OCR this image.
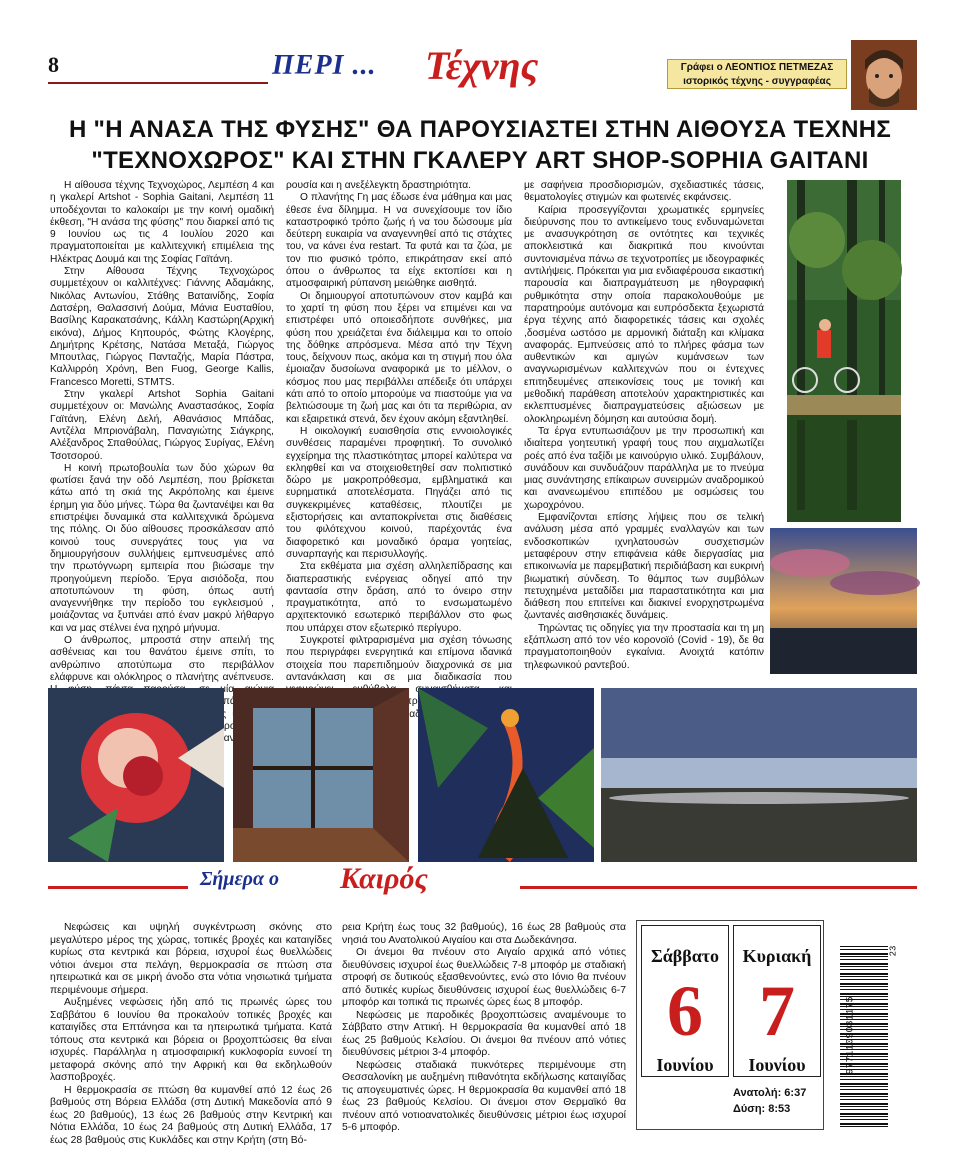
8	ΠΕΡΙ ... Τέχνης	Γράφει ο ΛΕΟΝΤΙΟΣ ΠΕΤΜΕΖΑΣ
ιστορικός τέχνης - συγγραφέας
Η "Η ΑΝΑΣΑ ΤΗΣ ΦΥΣΗΣ" ΘΑ ΠΑΡΟΥΣΙΑΣΤΕΙ ΣΤΗΝ ΑΙΘΟΥΣΑ ΤΕΧΝΗΣ
"ΤΕΧΝΟΧΩΡΟΣ" ΚΑΙ ΣΤΗΝ ΓΚΑΛΕΡΥ ART SHOP-SOPHIA GAITANI

Η αίθουσα τέχνης Τεχνοχώρος, Λεμπέση 4 και η γκαλερί Artshot - Sophia Gaitani, Λεμπέση 11 υποδέχονται το καλοκαίρι με την κοινή ομαδική έκθεση, "Η ανάσα της φύσης" που διαρκεί από τις 9 Ιουνίου ως τις 4 Ιουλίου 2020 και πραγματοποιείται με καλλιτεχνική επιμέλεια της Ηλέκτρας Δουμά και της Σοφίας Γαϊτάνη.

Στην Αίθουσα Τέχνης Τεχνοχώρος συμμετέχουν οι καλλιτέχνες: Γιάννης Αδαμάκης, Νικόλας Αντωνίου, Στάθης Βαταινίδης, Σοφία Δατσέρη, Θαλασσινή Δούμα, Μάνια Ευσταθίου, Βασίλης Καρακατσάνης, Κάλλη Καστώρη(Αρχική εικόνα), Δήμος Κηπουρός, Φώτης Κλογέρης, Δημήτρης Κρέτσης, Νατάσα Μεταξά, Γιώργος Μπουτλας, Γιώργος Πανταζής, Μαρία Πάστρα, Καλλιρρόη Χρόνη, Ben Fuog, George Kallis, Francesco Moretti, STMTS.

Στην γκαλερί Artshot Sophia Gaitani συμμετέχουν οι: Μανώλης Αναστασάκος, Σοφία Γαϊτάνη, Ελένη Δελή, Αθανάσιος Μπάδας, Αντζέλα Μπριονάβαλη, Παναγιώτης Σιάγκρης, Αλέξανδρος Σπαθούλας, Γιώργος Συρίγας, Ελένη Τσοτσορού.

Η κοινή πρωτοβουλία των δύο χώρων θα φωτίσει ξανά την οδό Λεμπέση, που βρίσκεται κάτω από τη σκιά της Ακρόπολης και έμεινε έρημη για δύο μήνες. Τώρα θα ζωντανέψει και θα επιστρέψει δυναμικά στα καλλιτεχνικά δρώμενα της πόλης. Οι δύο αίθουσες προσκάλεσαν από κοινού τους συνεργάτες τους για να δημιουργήσουν συλλήψεις εμπνευσμένες από την πρωτόγνωρη εμπειρία που βιώσαμε την προηγούμενη περίοδο. Έργα αισιόδοξα, που αποτυπώνουν τη φύση, όπως αυτή αναγεννήθηκε την περίοδο του εγκλεισμού , μοιάζοντας να ξυπνάει από έναν μακρύ λήθαργο και να μας στέλνει ένα ηχηρό μήνυμα.

Ο άνθρωπος, μπροστά στην απειλή της ασθένειας και του θανάτου έμεινε σπίτι, το ανθρώπινο αποτύπωμα στο περιβάλλον ελάφρυνε και ολόκληρος ο πλανήτης ανέπνευσε. μία

ρουσία και η ανεξέλεγκτη δραστηριότητα.

Ο πλανήτης Γη μας έδωσε ένα μάθημα και μας έθεσε ένα δίλημμα. Η να συνεχίσουμε τον ίδιο καταστροφικό τρόπο ζωής ή να του δώσουμε μία δεύτερη ευκαιρία να αναγεννηθεί από τις στάχτες του, να κάνει ένα restart. Τα φυτά και τα ζώα, με τον πιο φυσικό τρόπο, επικράτησαν εκεί από όπου ο άνθρωπος τα είχε εκτοπίσει και η ατμοσφαιρική ρύπανση μειώθηκε αισθητά.

Οι δημιουργοί αποτυπώνουν στον καμβά και το χαρτί τη φύση που ξέρει να επιμένει και να επιστρέφει υπό οποιεσδήποτε συνθήκες, μια φύση που χρειάζεται ένα διάλειμμα και το οποίο της δόθηκε απρόσμενα. Μέσα από την Τέχνη τους, δείχνουν πως, ακόμα και τη στιγμή που όλα έμοιαζαν δυσοίωνα αναφορικά με το μέλλον, ο κόσμος που μας περιβάλλει απέδειξε ότι υπάρχει κάτι από το οποίο μπορούμε να πιαστούμε για να βελτιώσουμε τη ζωή μας και ότι τα περιθώρια, αν και εξαιρετικά στενά, δεν έχουν ακόμη εξαντληθεί.

Η οικολογική ευαισθησία στις εννοιολογικές συνθέσεις παραμένει προφητική. Το συνολικό εγχείρημα της πλαστικότητας μπορεί καλύτερα να εκληφθεί και να στοιχειοθετηθεί σαν πολιτιστικό δώρο με μακροπρόθεσμα, εμβληματικά και ευρηματικά αποτελέσματα. Πηγάζει από τις συγκεκριμένες καταθέσεις, πλουτίζει με εξιστορήσεις και ανταποκρίνεται στις διαθέσεις του φιλότεχνου κοινού, παρέχοντάς ένα διαφορετικό και μοναδικό όραμα γοητείας, συναρπαγής και περισυλλογής.

Στα εκθέματα μια σχέση αλληλεπίδρασης και διαπεραστικής ενέργειας οδηγεί από την φαντασία στην δράση, από το όνειρο στην πραγματικότητα, από το ενσωματωμένο αρχιτεκτονικό εσωτερικό περιβάλλον στο φως που υπάρχει στον εξωτερικό περίγυρο.

Συγκροτεί φιλτραρισμένα μια σχέση τόνωσης που περιγράφει ενεργητικά και επίμονα ιδανικά στοιχεία που παρεπιδημούν διαχρονικά σε μια αντανάκλαση και σε μια διαδικασία που

με σαφήνεια προσδιορισμών, σχεδιαστικές τάσεις, θεματολογίες στιγμών και φωτεινές εκφάνσεις.

Καίρια προσεγγίζονται χρωματικές ερμηνείες διεύρυνσης που το αντικείμενο τους ενδυναμώνεται με ανασυγκρότηση σε οντότητες και τεχνικές αποκλειστικά και διακριτικά που κινούνται συντονισμένα πάνω σε τεχνοτροπίες με ιδεογραφικές αντιλήψεις. Πρόκειται για μια ενδιαφέρουσα εικαστική παρουσία και διαπραγμάτευση με ηθογραφική ρυθμικότητα στην οποία παρακολουθούμε με παρατηρούμε αυτόνομα και ευπρόσδεκτα ξεχωριστά έργα τέχνης από διαφορετικές τάσεις και σχολές ,δοσμένα ωστόσο με αρμονική διάταξη και κλίμακα αναφοράς. Εμπνεύσεις από το πλήρες φάσμα των αυθεντικών και αμιγών κυμάνσεων των αναγνωρισμένων καλλιτεχνών που οι έντεχνες επιτηδευμένες απεικονίσεις τους με τονική και μεθοδική παράθεση αποτελούν χαρακτηριστικές και εκλεπτυσμένες διαπραγματεύσεις αξιώσεων με ολοκληρωμένη δόμηση και αυτούσια δομή.

Τα έργα εντυπωσιάζουν με την προσωπική και ιδιαίτερα γοητευτική γραφή τους που αιχμαλωτίζει ροές από ένα ταξίδι με καινούργιο υλικό. Συμβάλουν, συνάδουν και συνδυάζουν παράλληλα με το πνεύμα μιας συνάντησης επίκαιρων συνειρμών αναδρομικού και ανανεωμένου επιπέδου με οσμώσεις του χωροχρόνου.

Εμφανίζονται επίσης λήψεις που σε τελική ανάλυση μέσα από γραμμές εναλλαγών και των ενδοσκοπικών ιχνηλατουσών συσχετισμών μεταφέρουν στην επιφάνεια κάθε διεργασίας μια επικοινωνία με παρεμβατική περιδιάβαση και ευκρινή βιωματική σύνδεση. Το θάμπος των συμβόλων πετυχημένα μεταδίδει μια παραστατικότητα και μια διάθεση που επιτείνει και διακινεί ενορχηστρωμένα ζωντανές αισθησιακές δυνάμεις.

Τηρώντας τις οδηγίες για την προστασία και τη μη εξάπλωση από τον νέο κορονοϊό (Covid - 19), δε θα πραγματοποιηθούν εγκαίνια. Ανοιχτά κατόπιν τηλεφωνικού ραντεβού.

Σήμερα ο Καιρός

Νεφώσεις και υψηλή συγκέντρωση σκόνης στο μεγαλύτερο μέρος της χώρας, τοπικές βροχές και καταιγίδες κυρίως στα κεντρικά και βόρεια, ισχυροί έως θυελλώδεις νότιοι άνεμοι στα πελάγη, θερμοκρασία σε πτώση στα ηπειρωτικά και σε μικρή άνοδο στα νότια νησιωτικά τμήματα περιμένουμε σήμερα.

Αυξημένες νεφώσεις ήδη από τις πρωινές ώρες του Σαββάτου 6 Ιουνίου θα προκαλούν τοπικές βροχές και καταιγίδες στα Επτάνησα και τα ηπειρωτικά τμήματα. Κατά τόπους στα κεντρικά και βόρεια οι βροχοπτώσεις θα είναι ισχυρές. Παράλληλα η ατμοσφαιρική κυκλοφορία ευνοεί τη μεταφορά σκόνης από την Αφρική και θα εκδηλωθούν λασποβροχές.

Η θερμοκρασία σε πτώση θα κυμανθεί από 12 έως 26 βαθμούς στη Βόρεια Ελλάδα (στη Δυτική Μακεδονία από 9 έως 20 βαθμούς), 13 έως 26 βαθμούς στην Κεντρική και Νότια Ελλάδα, 10 έως 24 βαθμούς στη Δυτική Ελλάδα, 17 έως 28 βαθμούς στις Κυκλάδες και στην Κρήτη (στη Βό-

ρεια Κρήτη έως τους 32 βαθμούς), 16 έως 28 βαθμούς στα νησιά του Ανατολικού Αιγαίου και στα Δωδεκάνησα.

Οι άνεμοι θα πνέουν στο Αιγαίο αρχικά από νότιες διευθύνσεις ισχυροί έως θυελλώδεις 7-8 μποφόρ με σταδιακή στροφή σε δυτικούς εξασθενούντες, ενώ στο Ιόνιο θα πνέουν από δυτικές κυρίως διευθύνσεις ισχυροί έως θυελλώδεις 6-7 μποφόρ και τοπικά τις πρωινές ώρες έως 8 μποφόρ.

Νεφώσεις με παροδικές βροχοπτώσεις αναμένουμε το Σάββατο στην Αττική. Η θερμοκρασία θα κυμανθεί από 18 έως 25 βαθμούς Κελσίου. Οι άνεμοι θα πνέουν από νότιες διευθύνσεις μέτριοι 3-4 μποφόρ.

Νεφώσεις σταδιακά πυκνότερες περιμένουμε στη Θεσσαλονίκη με αυξημένη πιθανότητα εκδήλωσης καταιγίδας τις απογευματινές ώρες. Η θερμοκρασία θα κυμανθεί από 18 έως 23 βαθμούς Κελσίου. Οι άνεμοι στον Θερμαϊκό θα πνέουν από νοτιοανατολικές διευθύνσεις μέτριοι έως ισχυροί 5-6 μποφόρ.

Σάββατο
6
Ιουνίου
Κυριακή
7
Ιουνίου
Ανατολή: 6:37
Δύση: 8:53
9771109031175
23
